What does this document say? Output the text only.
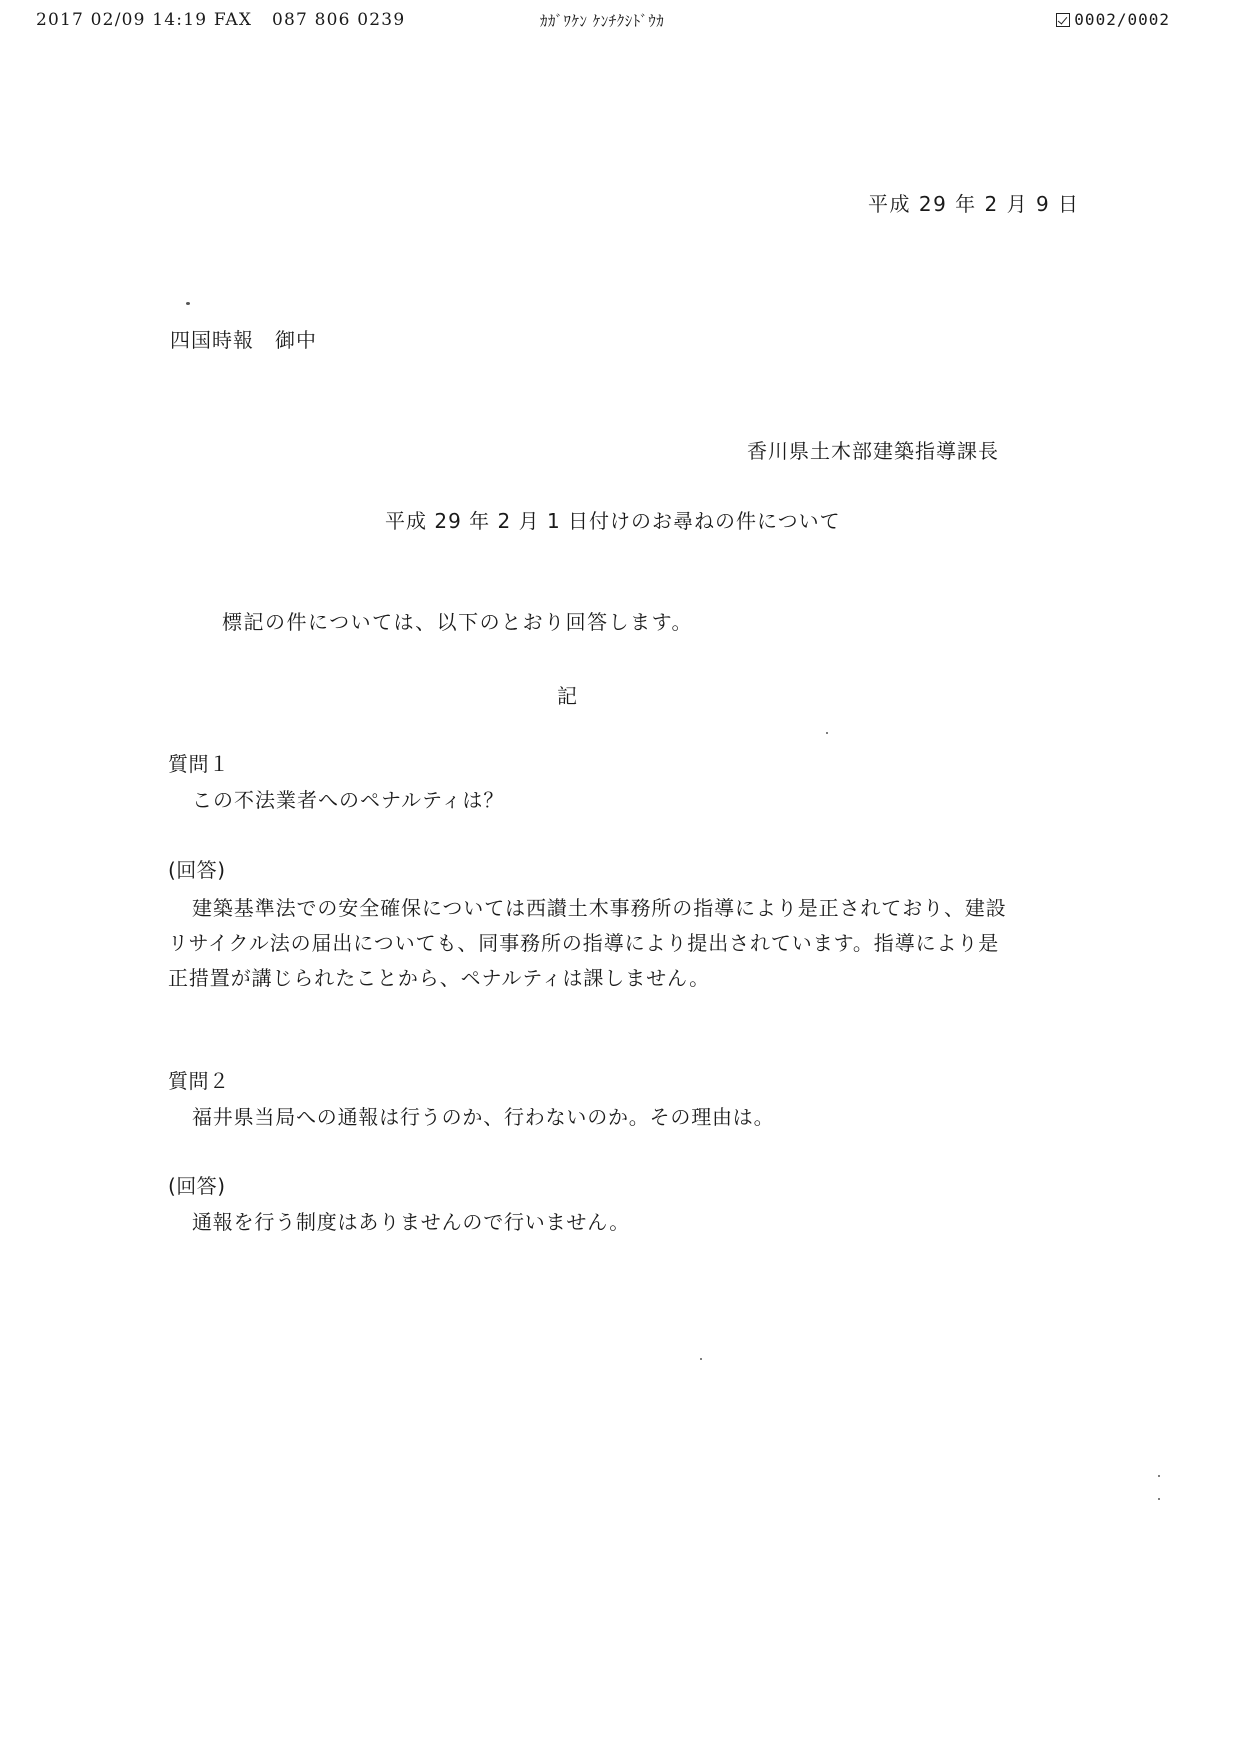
2017 02/09 14:19 FAX   087 806 0239	ｶｶﾞﾜｹﾝ ｹﾝﾁｸｼﾄﾞｳｶ	0002/0002
平成 29 年 2 月 9 日
四国時報　御中
香川県土木部建築指導課長
平成 29 年 2 月 1 日付けのお尋ねの件について
標記の件については、以下のとおり回答します。
記
質問１
この不法業者へのペナルティは？
(回答)
建築基準法での安全確保については西讃土木事務所の指導により是正されており、建設
リサイクル法の届出についても、同事務所の指導により提出されています。指導により是
正措置が講じられたことから、ペナルティは課しません。
質問２
福井県当局への通報は行うのか、行わないのか。その理由は。
(回答)
通報を行う制度はありませんので行いません。
